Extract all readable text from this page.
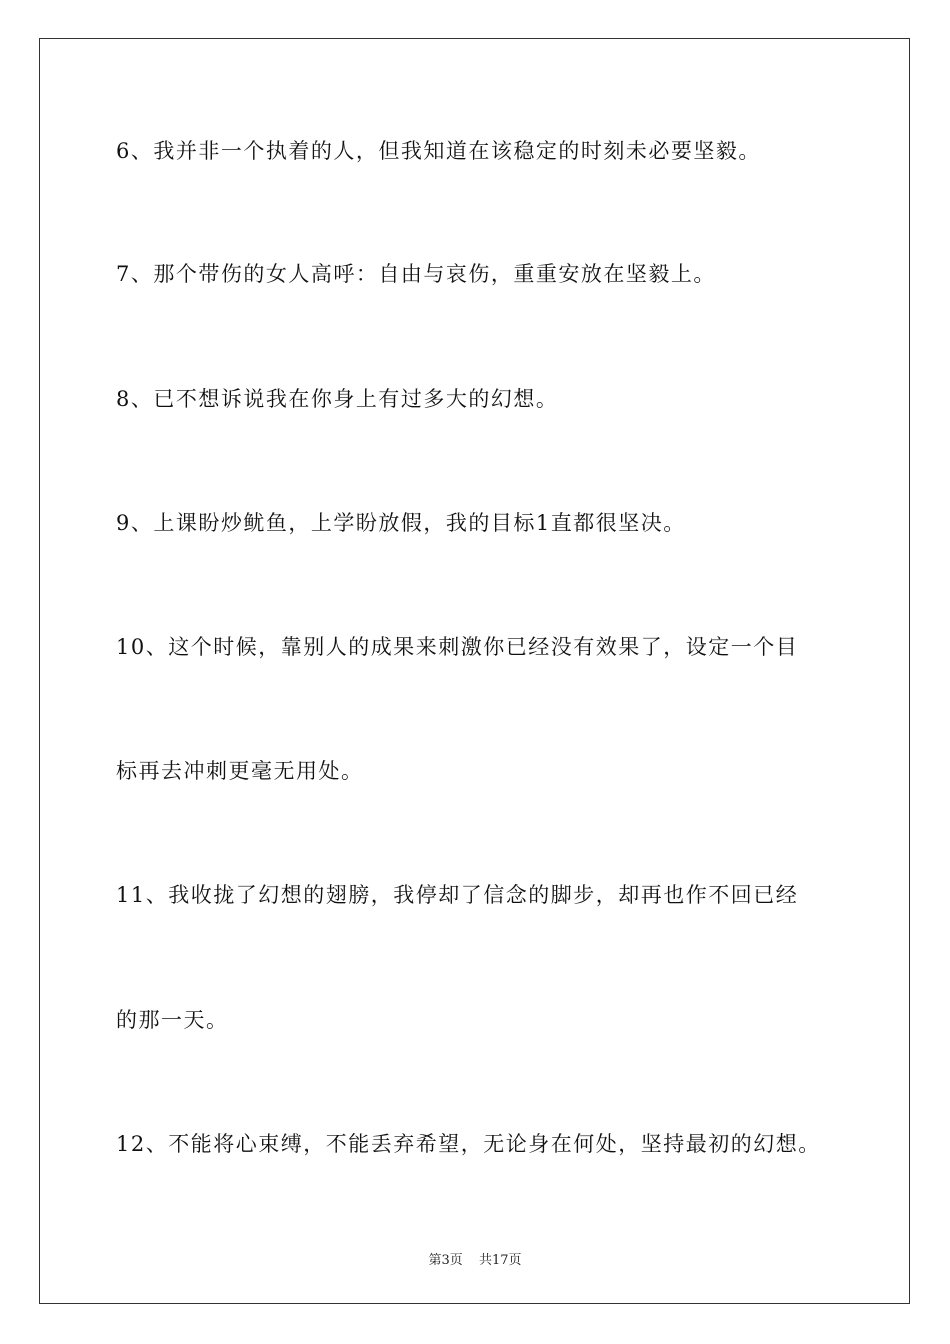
6、我并非一个执着的人，但我知道在该稳定的时刻未必要坚毅。
7、那个带伤的女人高呼：自由与哀伤，重重安放在坚毅上。
8、已不想诉说我在你身上有过多大的幻想。
9、上课盼炒鱿鱼，上学盼放假，我的目标1直都很坚决。
10、这个时候，靠别人的成果来刺激你已经没有效果了，设定一个目
标再去冲刺更毫无用处。
11、我收拢了幻想的翅膀，我停却了信念的脚步，却再也作不回已经
的那一天。
12、不能将心束缚，不能丢弃希望，无论身在何处，坚持最初的幻想。
第3页 共17页
